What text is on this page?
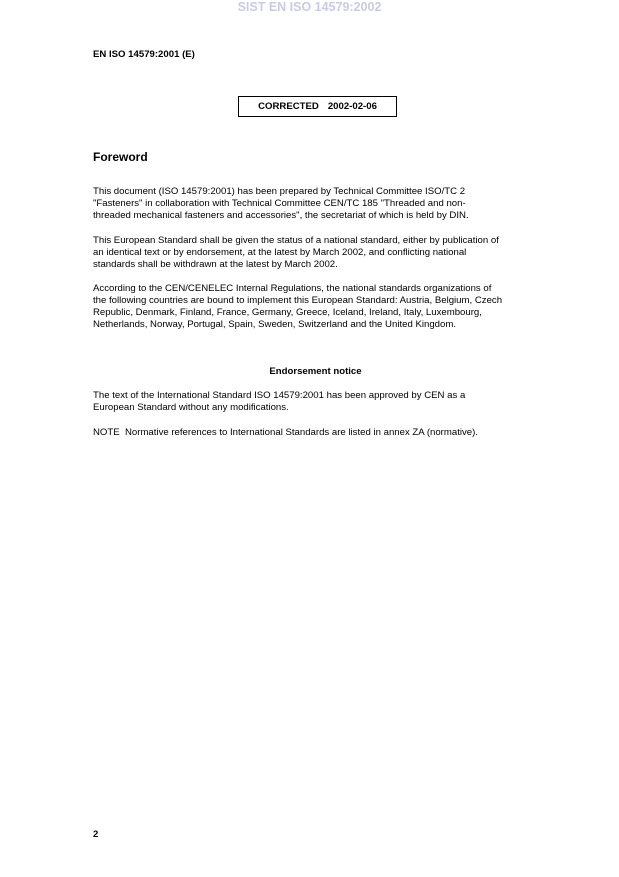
SIST EN ISO 14579:2002
EN ISO 14579:2001 (E)
CORRECTED 2002-02-06
Foreword
This document (ISO 14579:2001) has been prepared by Technical Committee ISO/TC 2
"Fasteners" in collaboration with Technical Committee CEN/TC 185 "Threaded and non-
threaded mechanical fasteners and accessories", the secretariat of which is held by DIN.
This European Standard shall be given the status of a national standard, either by publication of
an identical text or by endorsement, at the latest by March 2002, and conflicting national
standards shall be withdrawn at the latest by March 2002.
According to the CEN/CENELEC Internal Regulations, the national standards organizations of
the following countries are bound to implement this European Standard: Austria, Belgium, Czech
Republic, Denmark, Finland, France, Germany, Greece, Iceland, Ireland, Italy, Luxembourg,
Netherlands, Norway, Portugal, Spain, Sweden, Switzerland and the United Kingdom.
Endorsement notice
The text of the International Standard ISO 14579:2001 has been approved by CEN as a
European Standard without any modifications.
NOTE  Normative references to International Standards are listed in annex ZA (normative).
2
